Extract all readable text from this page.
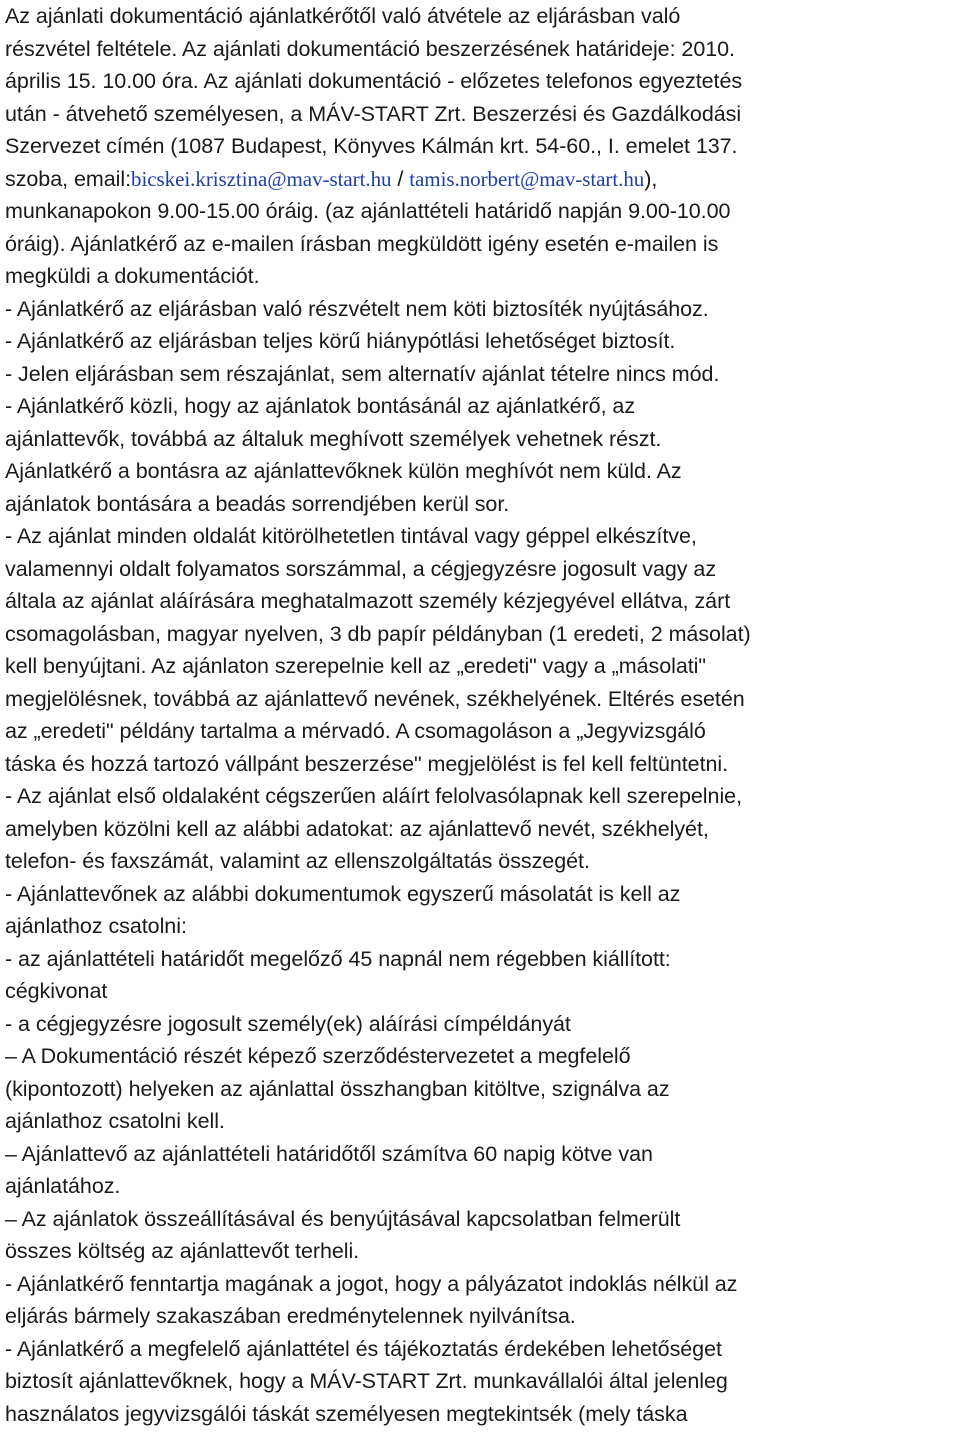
Az ajánlati dokumentáció ajánlatkérőtől való átvétele az eljárásban való
részvétel feltétele. Az ajánlati dokumentáció beszerzésének határideje: 2010.
április 15. 10.00 óra. Az ajánlati dokumentáció - előzetes telefonos egyeztetés
után - átvehető személyesen, a MÁV-START Zrt. Beszerzési és Gazdálkodási
Szervezet címén (1087 Budapest, Könyves Kálmán krt. 54-60., I. emelet 137.
szoba, email:bicskei.krisztina@mav-start.hu / tamis.norbert@mav-start.hu),
munkanapokon 9.00-15.00 óráig. (az ajánlattételi határidő napján 9.00-10.00
óráig). Ajánlatkérő az e-mailen írásban megküldött igény esetén e-mailen is
megküldi a dokumentációt.
- Ajánlatkérő az eljárásban való részvételt nem köti biztosíték nyújtásához.
- Ajánlatkérő az eljárásban teljes körű hiánypótlási lehetőséget biztosít.
- Jelen eljárásban sem részajánlat, sem alternatív ajánlat tételre nincs mód.
- Ajánlatkérő közli, hogy az ajánlatok bontásánál az ajánlatkérő, az
ajánlattevők, továbbá az általuk meghívott személyek vehetnek részt.
Ajánlatkérő a bontásra az ajánlattevőknek külön meghívót nem küld. Az
ajánlatok bontására a beadás sorrendjében kerül sor.
- Az ajánlat minden oldalát kitörölhetetlen tintával vagy géppel elkészítve,
valamennyi oldalt folyamatos sorszámmal, a cégjegyzésre jogosult vagy az
általa az ajánlat aláírására meghatalmazott személy kézjegyével ellátva, zárt
csomagolásban, magyar nyelven, 3 db papír példányban (1 eredeti, 2 másolat)
kell benyújtani. Az ajánlaton szerepelnie kell az „eredeti" vagy a „másolati"
megjelölésnek, továbbá az ajánlattevő nevének, székhelyének. Eltérés esetén
az „eredeti" példány tartalma a mérvadó. A csomagoláson a „Jegyvizsgáló
táska és hozzá tartozó vállpánt beszerzése" megjelölést is fel kell feltüntetni.
- Az ajánlat első oldalaként cégszerűen aláírt felolvasólapnak kell szerepelnie,
amelyben közölni kell az alábbi adatokat: az ajánlattevő nevét, székhelyét,
telefon- és faxszámát, valamint az ellenszolgáltatás összegét.
- Ajánlattevőnek az alábbi dokumentumok egyszerű másolatát is kell az
ajánlathoz csatolni:
- az ajánlattételi határidőt megelőző 45 napnál nem régebben kiállított:
cégkivonat
- a cégjegyzésre jogosult személy(ek) aláírási címpéldányát
– A Dokumentáció részét képező szerződéstervezetet a megfelelő
(kipontozott) helyeken az ajánlattal összhangban kitöltve, szignálva az
ajánlathoz csatolni kell.
– Ajánlattevő az ajánlattételi határidőtől számítva 60 napig kötve van
ajánlatához.
– Az ajánlatok összeállításával és benyújtásával kapcsolatban felmerült
összes költség az ajánlattevőt terheli.
- Ajánlatkérő fenntartja magának a jogot, hogy a pályázatot indoklás nélkül az
eljárás bármely szakaszában eredménytelennek nyilvánítsa.
- Ajánlatkérő a megfelelő ajánlattétel és tájékoztatás érdekében lehetőséget
biztosít ajánlattevőknek, hogy a MÁV-START Zrt. munkavállalói által jelenleg
használatos jegyvizsgálói táskát személyesen megtekintsék (mely táska
